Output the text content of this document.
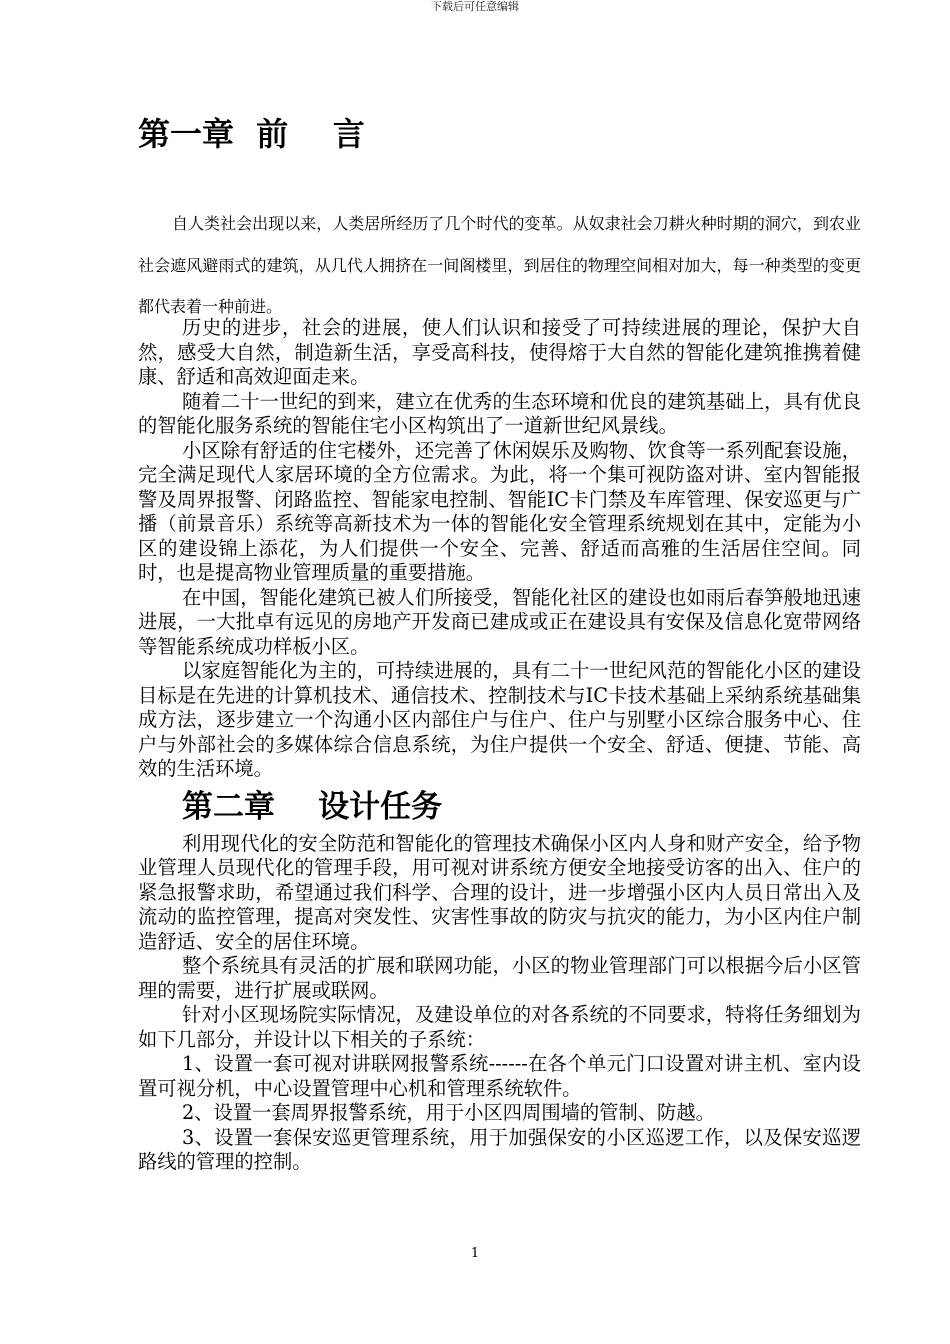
下载后可任意编辑
第一章  前    言

自人类社会出现以来，人类居所经历了几个时代的变革。从奴隶社会刀耕火种时期的洞穴，到农业社会遮风避雨式的建筑，从几代人拥挤在一间阁楼里，到居住的物理空间相对加大，每一种类型的变更都代表着一种前进。

历史的进步，社会的进展，使人们认识和接受了可持续进展的理论，保护大自然，感受大自然，制造新生活，享受高科技，使得熔于大自然的智能化建筑推携着健康、舒适和高效迎面走来。

随着二十一世纪的到来，建立在优秀的生态环境和优良的建筑基础上，具有优良的智能化服务系统的智能住宅小区构筑出了一道新世纪风景线。

小区除有舒适的住宅楼外，还完善了休闲娱乐及购物、饮食等一系列配套设施，完全满足现代人家居环境的全方位需求。为此，将一个集可视防盗对讲、室内智能报警及周界报警、闭路监控、智能家电控制、智能IC卡门禁及车库管理、保安巡更与广播（前景音乐）系统等高新技术为一体的智能化安全管理系统规划在其中，定能为小区的建设锦上添花，为人们提供一个安全、完善、舒适而高雅的生活居住空间。同时，也是提高物业管理质量的重要措施。

在中国，智能化建筑已被人们所接受，智能化社区的建设也如雨后春笋般地迅速进展，一大批卓有远见的房地产开发商已建成或正在建设具有安保及信息化宽带网络等智能系统成功样板小区。

以家庭智能化为主的，可持续进展的，具有二十一世纪风范的智能化小区的建设目标是在先进的计算机技术、通信技术、控制技术与IC卡技术基础上采纳系统基础集成方法，逐步建立一个沟通小区内部住户与住户、住户与别墅小区综合服务中心、住户与外部社会的多媒体综合信息系统，为住户提供一个安全、舒适、便捷、节能、高效的生活环境。

第二章    设计任务

利用现代化的安全防范和智能化的管理技术确保小区内人身和财产安全，给予物业管理人员现代化的管理手段，用可视对讲系统方便安全地接受访客的出入、住户的紧急报警求助，希望通过我们科学、合理的设计，进一步增强小区内人员日常出入及流动的监控管理，提高对突发性、灾害性事故的防灾与抗灾的能力，为小区内住户制造舒适、安全的居住环境。

整个系统具有灵活的扩展和联网功能，小区的物业管理部门可以根据今后小区管理的需要，进行扩展或联网。

针对小区现场院实际情况，及建设单位的对各系统的不同要求，特将任务细划为如下几部分，并设计以下相关的子系统：

1、设置一套可视对讲联网报警系统------在各个单元门口设置对讲主机、室内设置可视分机，中心设置管理中心机和管理系统软件。

2、设置一套周界报警系统，用于小区四周围墙的管制、防越。

3、设置一套保安巡更管理系统，用于加强保安的小区巡逻工作，以及保安巡逻路线的管理的控制。

1
